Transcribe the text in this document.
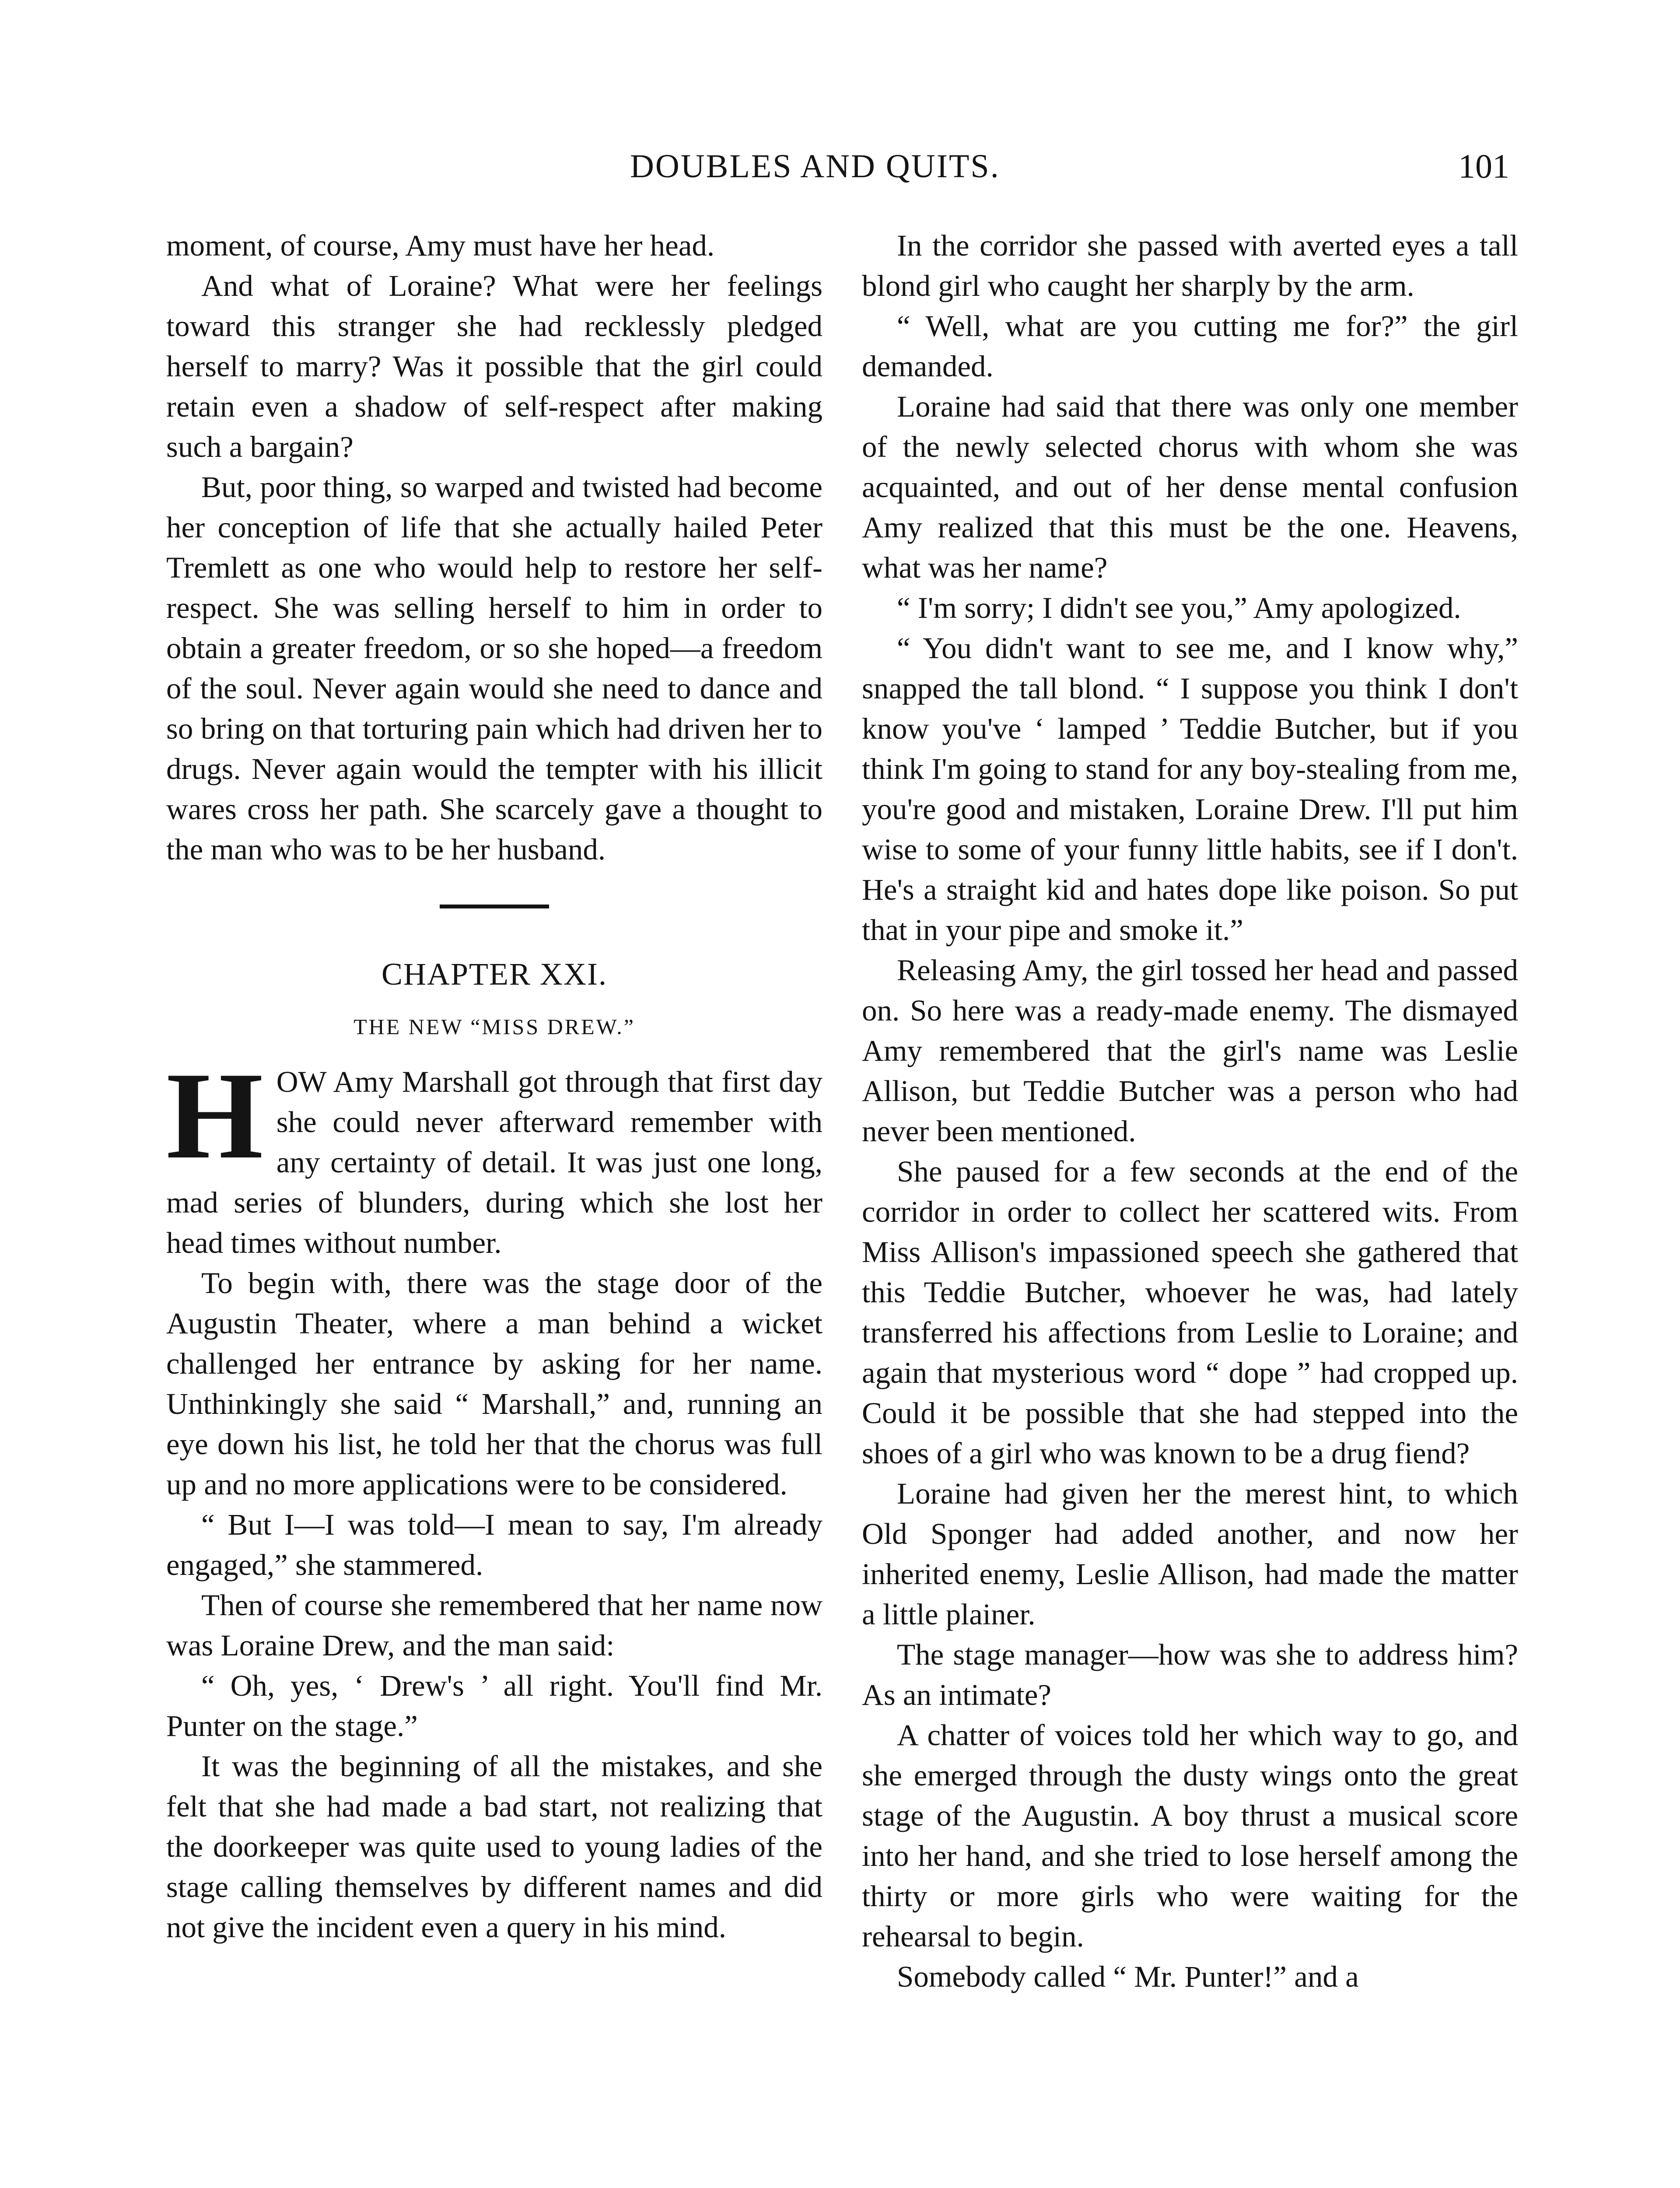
DOUBLES AND QUITS.	101

moment, of course, Amy must have her head.

And what of Loraine? What were her feelings toward this stranger she had recklessly pledged herself to marry? Was it possible that the girl could retain even a shadow of self-respect after making such a bargain?

But, poor thing, so warped and twisted had become her conception of life that she actually hailed Peter Tremlett as one who would help to restore her self-respect. She was selling herself to him in order to obtain a greater freedom, or so she hoped—a freedom of the soul. Never again would she need to dance and so bring on that torturing pain which had driven her to drugs. Never again would the tempter with his illicit wares cross her path. She scarcely gave a thought to the man who was to be her husband.

CHAPTER XXI.
THE NEW “MISS DREW.”

HOW Amy Marshall got through that first day she could never afterward remember with any certainty of detail. It was just one long, mad series of blunders, during which she lost her head times without number.

To begin with, there was the stage door of the Augustin Theater, where a man behind a wicket challenged her entrance by asking for her name. Unthinkingly she said “ Marshall,” and, running an eye down his list, he told her that the chorus was full up and no more applications were to be considered.

“ But I—I was told—I mean to say, I'm already engaged,” she stammered.

Then of course she remembered that her name now was Loraine Drew, and the man said:

“ Oh, yes, ‘ Drew's ’ all right. You'll find Mr. Punter on the stage.”

It was the beginning of all the mistakes, and she felt that she had made a bad start, not realizing that the doorkeeper was quite used to young ladies of the stage calling themselves by different names and did not give the incident even a query in his mind.

In the corridor she passed with averted eyes a tall blond girl who caught her sharply by the arm.

“ Well, what are you cutting me for?” the girl demanded.

Loraine had said that there was only one member of the newly selected chorus with whom she was acquainted, and out of her dense mental confusion Amy realized that this must be the one. Heavens, what was her name?

“ I'm sorry; I didn't see you,” Amy apologized.

“ You didn't want to see me, and I know why,” snapped the tall blond. “ I suppose you think I don't know you've ‘ lamped ’ Teddie Butcher, but if you think I'm going to stand for any boy-stealing from me, you're good and mistaken, Loraine Drew. I'll put him wise to some of your funny little habits, see if I don't. He's a straight kid and hates dope like poison. So put that in your pipe and smoke it.”

Releasing Amy, the girl tossed her head and passed on. So here was a ready-made enemy. The dismayed Amy remembered that the girl's name was Leslie Allison, but Teddie Butcher was a person who had never been mentioned.

She paused for a few seconds at the end of the corridor in order to collect her scattered wits. From Miss Allison's impassioned speech she gathered that this Teddie Butcher, whoever he was, had lately transferred his affections from Leslie to Loraine; and again that mysterious word “ dope ” had cropped up. Could it be possible that she had stepped into the shoes of a girl who was known to be a drug fiend?

Loraine had given her the merest hint, to which Old Sponger had added another, and now her inherited enemy, Leslie Allison, had made the matter a little plainer.

The stage manager—how was she to address him? As an intimate?

A chatter of voices told her which way to go, and she emerged through the dusty wings onto the great stage of the Augustin. A boy thrust a musical score into her hand, and she tried to lose herself among the thirty or more girls who were waiting for the rehearsal to begin.

Somebody called “ Mr. Punter!” and a
